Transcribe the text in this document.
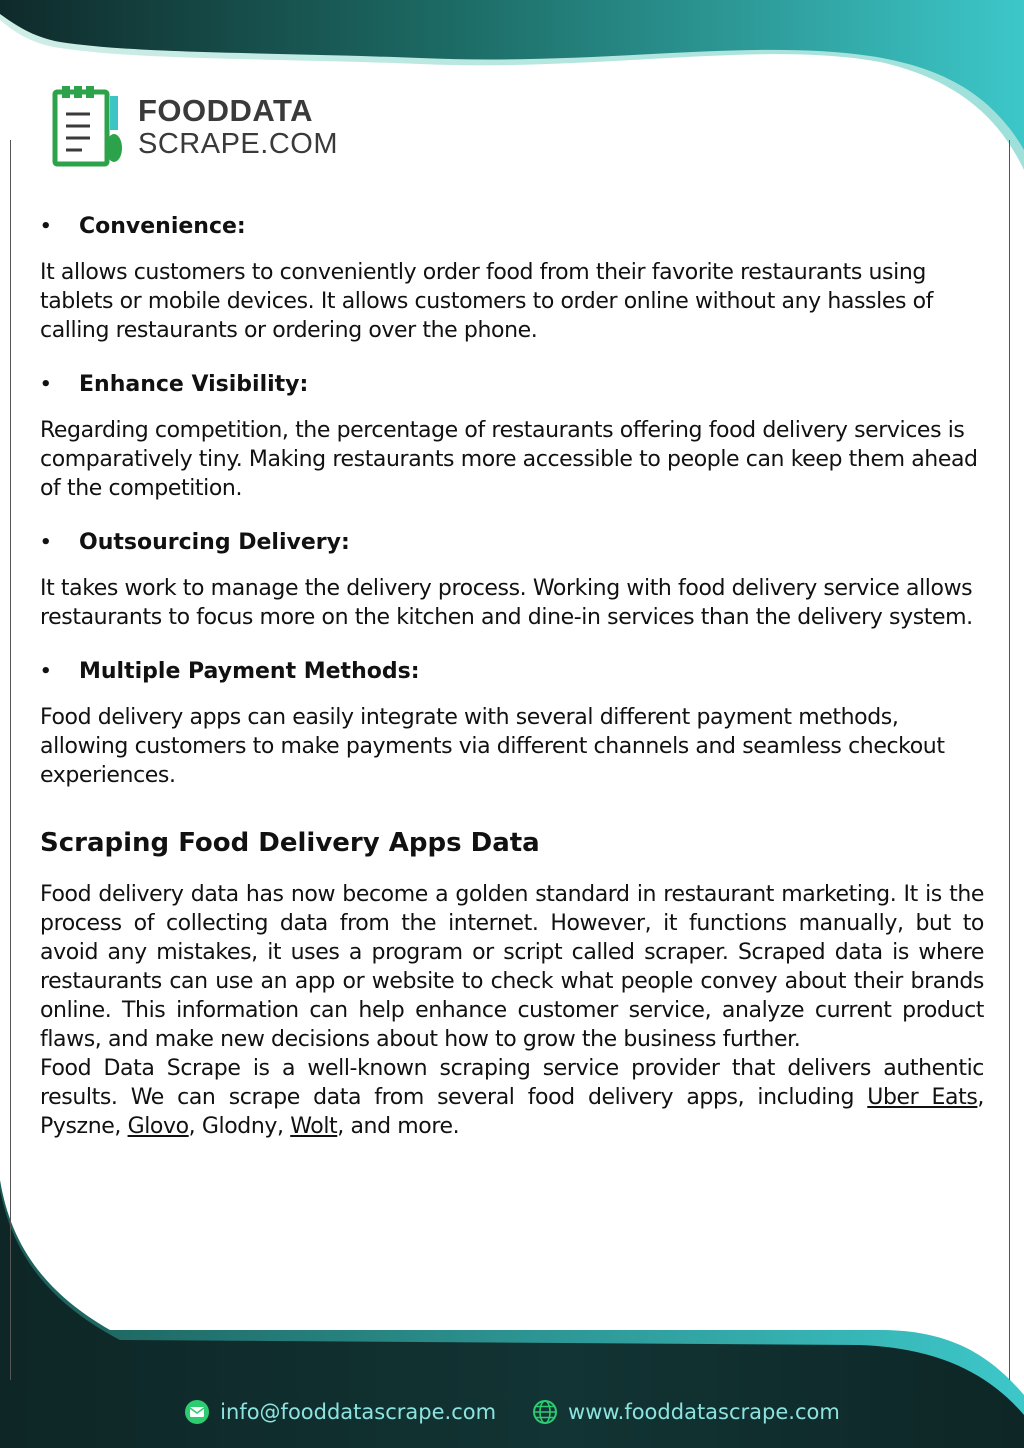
FOODDATA
SCRAPE.COM
•	Convenience:

It allows customers to conveniently order food from their favorite restaurants using tablets or mobile devices. It allows customers to order online without any hassles of calling restaurants or ordering over the phone.

•	Enhance Visibility:

Regarding competition, the percentage of restaurants offering food delivery services is comparatively tiny. Making restaurants more accessible to people can keep them ahead of the competition.

•	Outsourcing Delivery:

It takes work to manage the delivery process. Working with food delivery service allows restaurants to focus more on the kitchen and dine-in services than the delivery system.

•	Multiple Payment Methods:

Food delivery apps can easily integrate with several different payment methods, allowing customers to make payments via different channels and seamless checkout experiences.

Scraping Food Delivery Apps Data

Food delivery data has now become a golden standard in restaurant marketing. It is the process of collecting data from the internet. However, it functions manually, but to avoid any mistakes, it uses a program or script called scraper. Scraped data is where restaurants can use an app or website to check what people convey about their brands online. This information can help enhance customer service, analyze current product flaws, and make new decisions about how to grow the business further.

Food Data Scrape is a well-known scraping service provider that delivers authentic results. We can scrape data from several food delivery apps, including Uber Eats, Pyszne, Glovo, Glodny, Wolt, and more.

info@fooddatascrape.com	www.fooddatascrape.com
